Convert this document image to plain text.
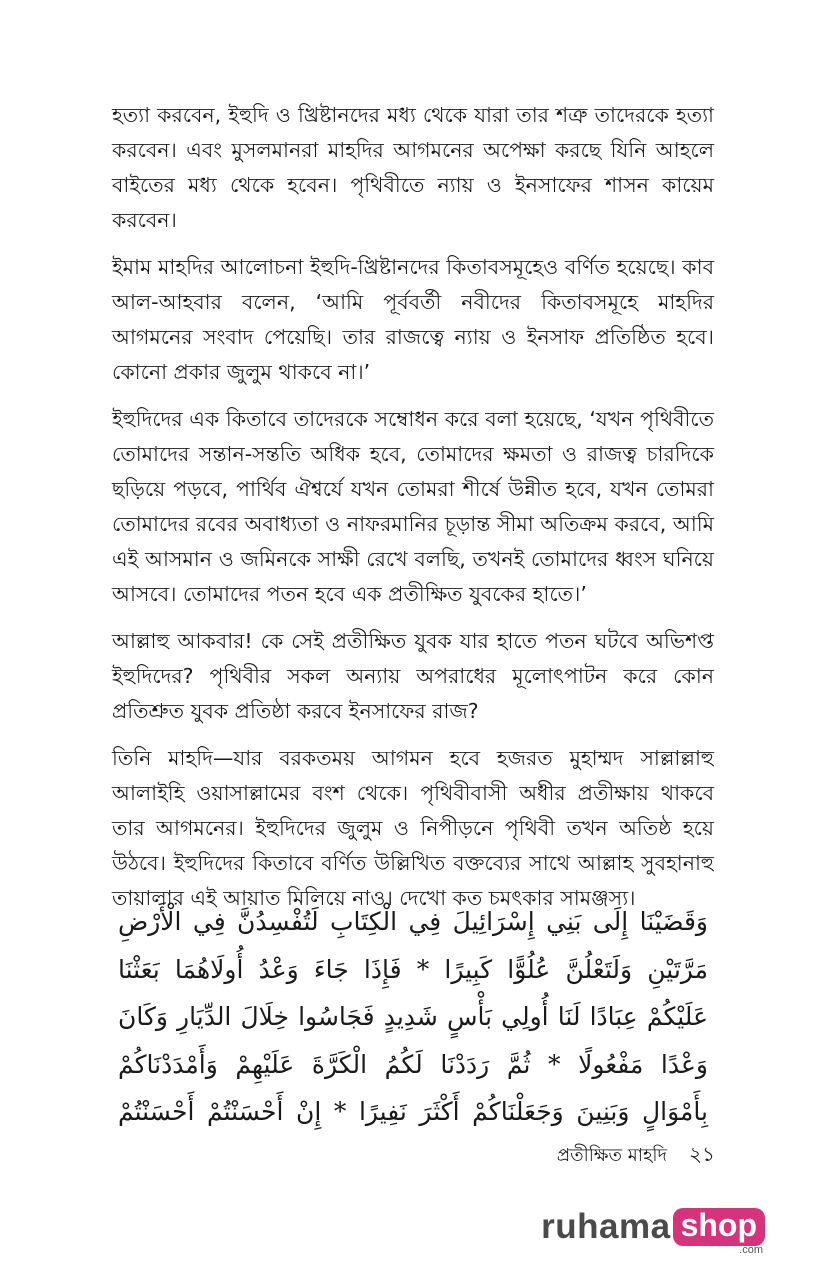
হত্যা করবেন, ইহুদি ও খ্রিষ্টানদের মধ্য থেকে যারা তার শত্রু তাদেরকে হত্যা করবেন। এবং মুসলমানরা মাহদির আগমনের অপেক্ষা করছে যিনি আহলে বাইতের মধ্য থেকে হবেন। পৃথিবীতে ন্যায় ও ইনসাফের শাসন কায়েম করবেন।

ইমাম মাহদির আলোচনা ইহুদি-খ্রিষ্টানদের কিতাবসমূহেও বর্ণিত হয়েছে। কাব আল-আহবার বলেন, ‘আমি পূর্ববর্তী নবীদের কিতাবসমূহে মাহদির আগমনের সংবাদ পেয়েছি। তার রাজত্বে ন্যায় ও ইনসাফ প্রতিষ্ঠিত হবে। কোনো প্রকার জুলুম থাকবে না।’

ইহুদিদের এক কিতাবে তাদেরকে সম্বোধন করে বলা হয়েছে, ‘যখন পৃথিবীতে তোমাদের সন্তান-সন্ততি অধিক হবে, তোমাদের ক্ষমতা ও রাজত্ব চারদিকে ছড়িয়ে পড়বে, পার্থিব ঐশ্বর্যে যখন তোমরা শীর্ষে উন্নীত হবে, যখন তোমরা তোমাদের রবের অবাধ্যতা ও নাফরমানির চূড়ান্ত সীমা অতিক্রম করবে, আমি এই আসমান ও জমিনকে সাক্ষী রেখে বলছি, তখনই তোমাদের ধ্বংস ঘনিয়ে আসবে। তোমাদের পতন হবে এক প্রতীক্ষিত যুবকের হাতে।’

আল্লাহু আকবার! কে সেই প্রতীক্ষিত যুবক যার হাতে পতন ঘটবে অভিশপ্ত ইহুদিদের? পৃথিবীর সকল অন্যায় অপরাধের মূলোৎপাটন করে কোন প্রতিশ্রুত যুবক প্রতিষ্ঠা করবে ইনসাফের রাজ?

তিনি মাহদি—যার বরকতময় আগমন হবে হজরত মুহাম্মদ সাল্লাল্লাহু আলাইহি ওয়াসাল্লামের বংশ থেকে। পৃথিবীবাসী অধীর প্রতীক্ষায় থাকবে তার আগমনের। ইহুদিদের জুলুম ও নিপীড়নে পৃথিবী তখন অতিষ্ঠ হয়ে উঠবে। ইহুদিদের কিতাবে বর্ণিত উল্লিখিত বক্তব্যের সাথে আল্লাহ সুবহানাহু তায়ালার এই আয়াত মিলিয়ে নাও। দেখো কত চমৎকার সামঞ্জস্য।

وَقَضَيْنَا إِلَى بَنِي إِسْرَائِيلَ فِي الْكِتَابِ لَتُفْسِدُنَّ فِي الْأَرْضِ
مَرَّتَيْنِ وَلَتَعْلُنَّ عُلُوًّا كَبِيرًا * فَإِذَا جَاءَ وَعْدُ أُولَاهُمَا بَعَثْنَا
عَلَيْكُمْ عِبَادًا لَنَا أُولِي بَأْسٍ شَدِيدٍ فَجَاسُوا خِلَالَ الدِّيَارِ وَكَانَ
وَعْدًا مَفْعُولًا * ثُمَّ رَدَدْنَا لَكُمُ الْكَرَّةَ عَلَيْهِمْ وَأَمْدَدْنَاكُمْ
بِأَمْوَالٍ وَبَنِينَ وَجَعَلْنَاكُمْ أَكْثَرَ نَفِيرًا * إِنْ أَحْسَنْتُمْ أَحْسَنْتُمْ
প্রতীক্ষিত মাহদি ২১
ruhama shop
.com
